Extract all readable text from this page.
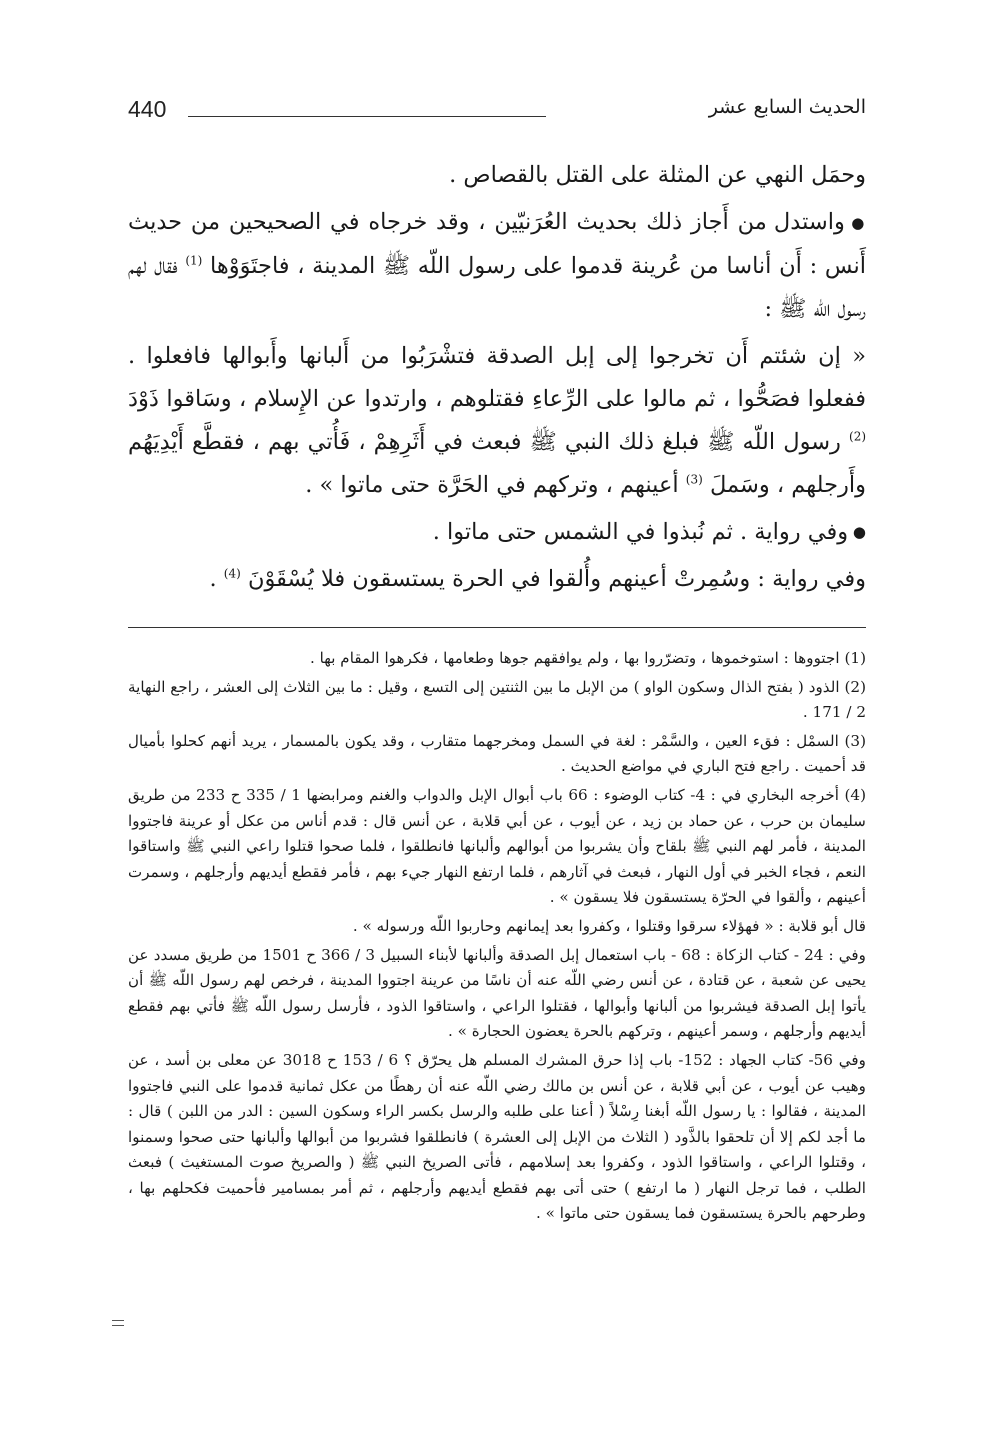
440	الحديث السابع عشر

وحمَل النهي عن المثلة على القتل بالقصاص .

● واستدل من أَجاز ذلك بحديث العُرَنيّين ، وقد خرجاه في الصحيحين من حديث أَنس : أَن أناسا من عُرينة قدموا على رسول اللّه ﷺ المدينة ، فاجتَوَوْها $^{(1)}$ فقال لهم رسول اللّه ﷺ :

« إن شئتم أَن تخرجوا إلى إبل الصدقة فتشْرَبُوا من أَلبانها وأَبوالها فافعلوا . ففعلوا فصَحُّوا ، ثم مالوا على الرِّعاءِ فقتلوهم ، وارتدوا عن الإِسلام ، وسَاقوا ذَوْدَ $^{(2)}$ رسول اللّه ﷺ فبلغ ذلك النبي ﷺ فبعث في أَثَرِهِمْ ، فَأُتي بهم ، فقطَّع أَيْدِيَهُم وأَرجلهم ، وسَملَ $^{(3)}$ أعينهم ، وتركهم في الحَرَّة حتى ماتوا » .

● وفي رواية . ثم نُبذوا في الشمس حتى ماتوا .

وفي رواية : وسُمِرتْ أعينهم وأُلقوا في الحرة يستسقون فلا يُسْقَوْنَ $^{(4)}$ .

(1) اجتووها : استوخموها ، وتضرّروا بها ، ولم يوافقهم جوها وطعامها ، فكرهوا المقام بها .

(2) الذود ( بفتح الذال وسكون الواو ) من الإبل ما بين الثنتين إلى التسع ، وقيل : ما بين الثلاث إلى العشر ، راجع النهاية 2 / 171 .

(3) السمْل : فقء العين ، والسَّمْر : لغة في السمل ومخرجهما متقارب ، وقد يكون بالمسمار ، يريد أنهم كحلوا بأميال قد أحميت . راجع فتح الباري في مواضع الحديث .

(4) أخرجه البخاري في : 4- كتاب الوضوء : 66 باب أبوال الإبل والدواب والغنم ومرابضها 1 / 335 ح 233 من طريق سليمان بن حرب ، عن حماد بن زيد ، عن أيوب ، عن أبي قلابة ، عن أنس قال : قدم أناس من عكل أو عرينة فاجتووا المدينة ، فأمر لهم النبي ﷺ بلقاح وأن يشربوا من أبوالهم وألبانها فانطلقوا ، فلما صحوا قتلوا راعي النبي ﷺ واستاقوا النعم ، فجاء الخبر في أول النهار ، فبعث في آثارهم ، فلما ارتفع النهار جيء بهم ، فأمر فقطع أيديهم وأرجلهم ، وسمرت أعينهم ، وألقوا في الحرّة يستسقون فلا يسقون » .

قال أبو قلابة : « فهؤلاء سرقوا وقتلوا ، وكفروا بعد إيمانهم وحاربوا اللّه ورسوله » .

وفي : 24 - كتاب الزكاة : 68 - باب استعمال إبل الصدقة وألبانها لأبناء السبيل 3 / 366 ح 1501 من طريق مسدد عن يحيى عن شعبة ، عن قتادة ، عن أنس رضي اللّه عنه أن ناسًا من عرينة اجتووا المدينة ، فرخص لهم رسول اللّه ﷺ أن يأتوا إبل الصدقة فيشربوا من ألبانها وأبوالها ، فقتلوا الراعي ، واستاقوا الذود ، فأرسل رسول اللّه ﷺ فأتي بهم فقطع أيديهم وأرجلهم ، وسمر أعينهم ، وتركهم بالحرة يعضون الحجارة » .

وفي 56- كتاب الجهاد : 152- باب إذا حرق المشرك المسلم هل يحرّق ؟ 6 / 153 ح 3018 عن معلى بن أسد ، عن وهيب عن أيوب ، عن أبي قلابة ، عن أنس بن مالك رضي اللّه عنه أن رهطًا من عكل ثمانية قدموا على النبي فاجتووا المدينة ، فقالوا : يا رسول اللّه أبغنا رِسْلاً ( أعنا على طلبه والرسل بكسر الراء وسكون السين : الدر من اللبن ) قال : ما أجد لكم إلا أن تلحقوا بالذَّود ( الثلاث من الإبل إلى العشرة ) فانطلقوا فشربوا من أبوالها وألبانها حتى صحوا وسمنوا ، وقتلوا الراعي ، واستاقوا الذود ، وكفروا بعد إسلامهم ، فأتى الصريخ النبي ﷺ ( والصريخ صوت المستغيث ) فبعث الطلب ، فما ترجل النهار ( ما ارتفع ) حتى أتى بهم فقطع أيديهم وأرجلهم ، ثم أمر بمسامير فأحميت فكحلهم بها ، وطرحهم بالحرة يستسقون فما يسقون حتى ماتوا » .
